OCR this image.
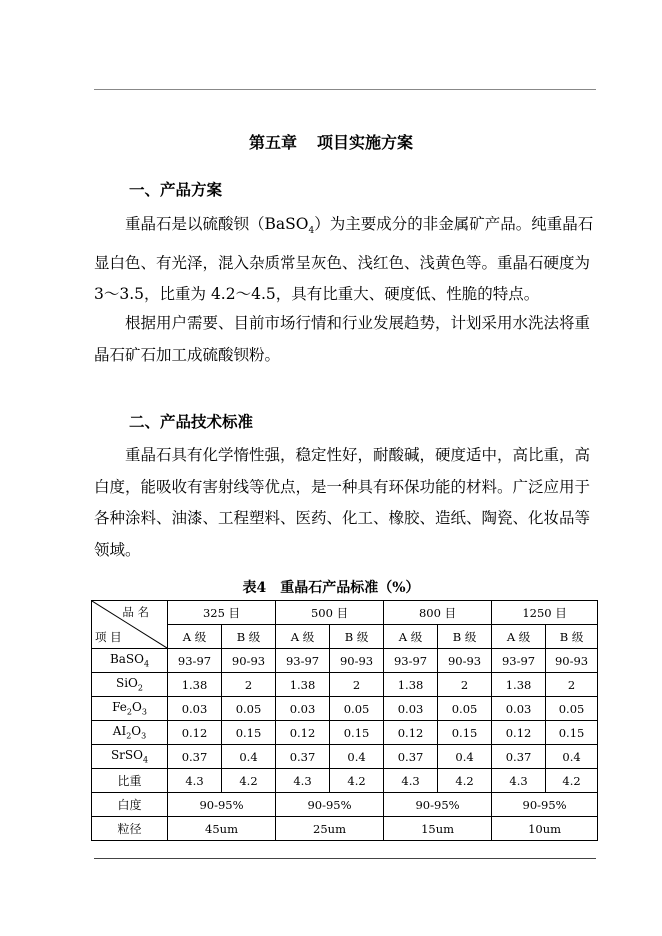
第五章 项目实施方案
一、产品方案

重晶石是以硫酸钡（BaSO$_4$）为主要成分的非金属矿产品。纯重晶石显白色、有光泽，混入杂质常呈灰色、浅红色、浅黄色等。重晶石硬度为 3～3.5，比重为 4.2～4.5，具有比重大、硬度低、性脆的特点。

根据用户需要、目前市场行情和行业发展趋势，计划采用水洗法将重晶石矿石加工成硫酸钡粉。

二、产品技术标准

重晶石具有化学惰性强，稳定性好，耐酸碱，硬度适中，高比重，高白度，能吸收有害射线等优点，是一种具有环保功能的材料。广泛应用于各种涂料、油漆、工程塑料、医药、化工、橡胶、造纸、陶瓷、化妆品等领域。

表4 重晶石产品标准（%）
品 名
项 目	325 目		500 目		800 目		1250 目	
	A 级	B 级	A 级	B 级	A 级	B 级	A 级	B 级
BaSO$_4$	93-97	90-93	93-97	90-93	93-97	90-93	93-97	90-93
SiO$_2$	1.38	2	1.38	2	1.38	2	1.38	2
$Fe_2O_3$	0.03	0.05	0.03	0.05	0.03	0.05	0.03	0.05
$AI_2O_3$	0.12	0.15	0.12	0.15	0.12	0.15	0.12	0.15
SrSO$_4$	0.37	0.4	0.37	0.4	0.37	0.4	0.37	0.4
比重	4.3	4.2	4.3	4.2	4.3	4.2	4.3	4.2
白度	90-95%		90-95%		90-95%		90-95%	
粒径	45um		25um		15um		10um	
